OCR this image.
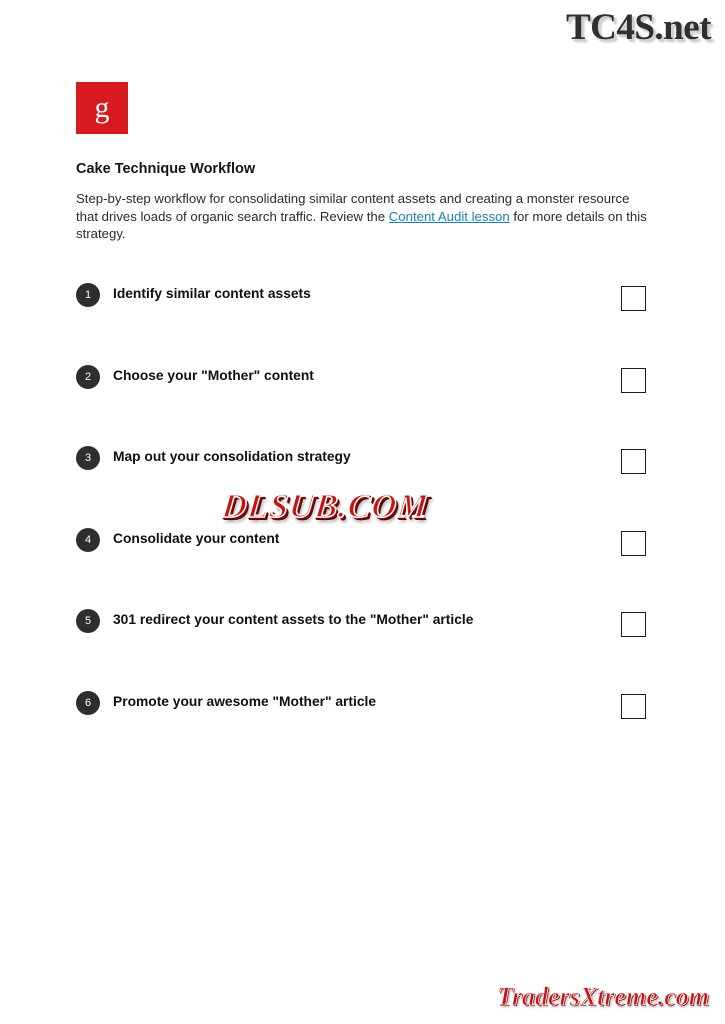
g
Cake Technique Workflow
Step-by-step workflow for consolidating similar content assets and creating a monster resource that drives loads of organic search traffic. Review the Content Audit lesson for more details on this strategy.
1	Identify similar content assets
2	Choose your "Mother" content
3	Map out your consolidation strategy
4	Consolidate your content
5	301 redirect your content assets to the "Mother" article
6	Promote your awesome "Mother" article
TC4S.net
DLSUB.COM
TradersXtreme.com
